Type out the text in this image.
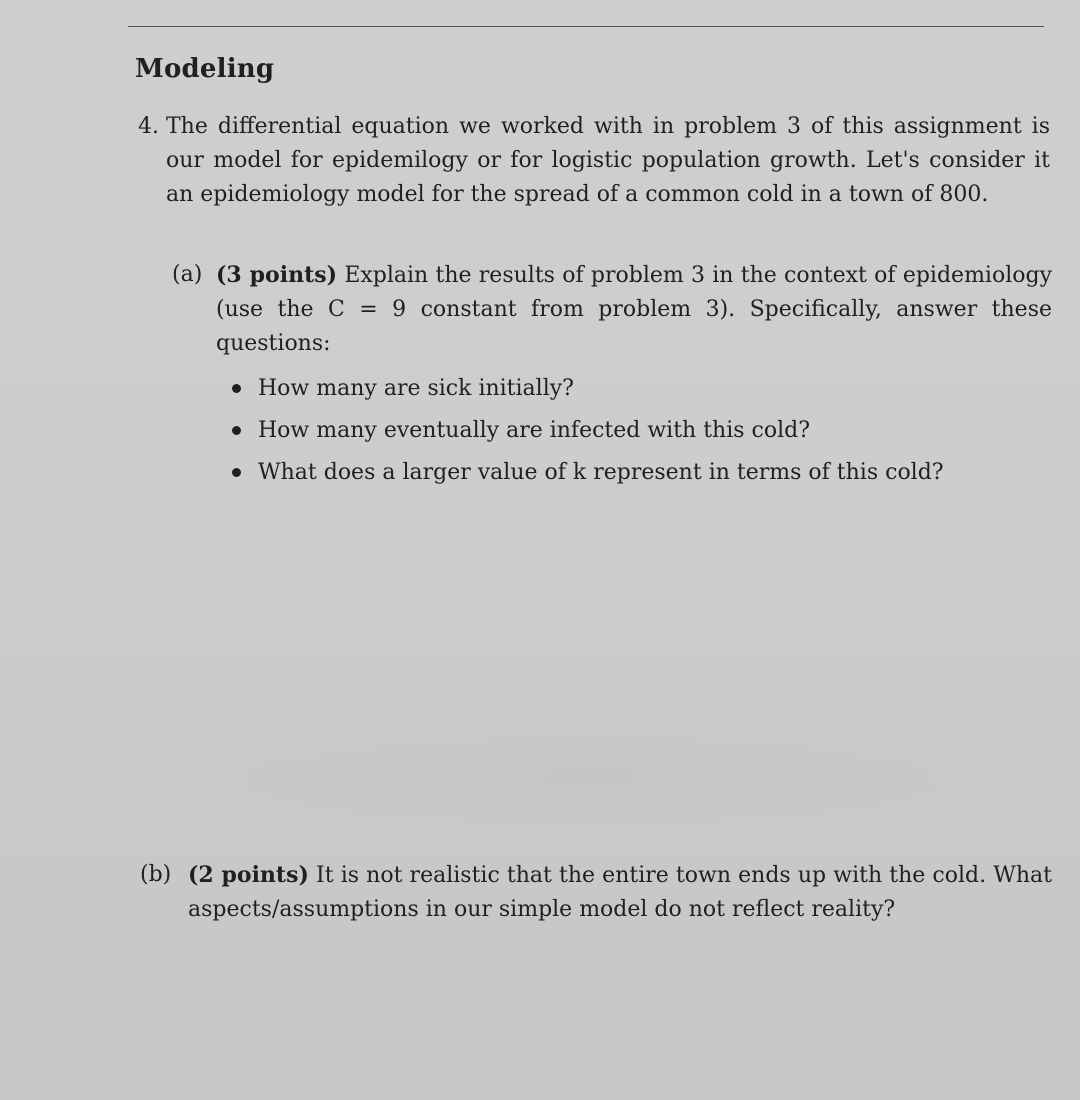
Modeling
4. The differential equation we worked with in problem 3 of this assignment is our model for epidemilogy or for logistic population growth. Let's consider it an epidemiology model for the spread of a common cold in a town of 800.
(a) (3 points) Explain the results of problem 3 in the context of epidemiology (use the C = 9 constant from problem 3). Specifically, answer these questions:
How many are sick initially?
How many eventually are infected with this cold?
What does a larger value of k represent in terms of this cold?
(b) (2 points) It is not realistic that the entire town ends up with the cold. What aspects/assumptions in our simple model do not reflect reality?
